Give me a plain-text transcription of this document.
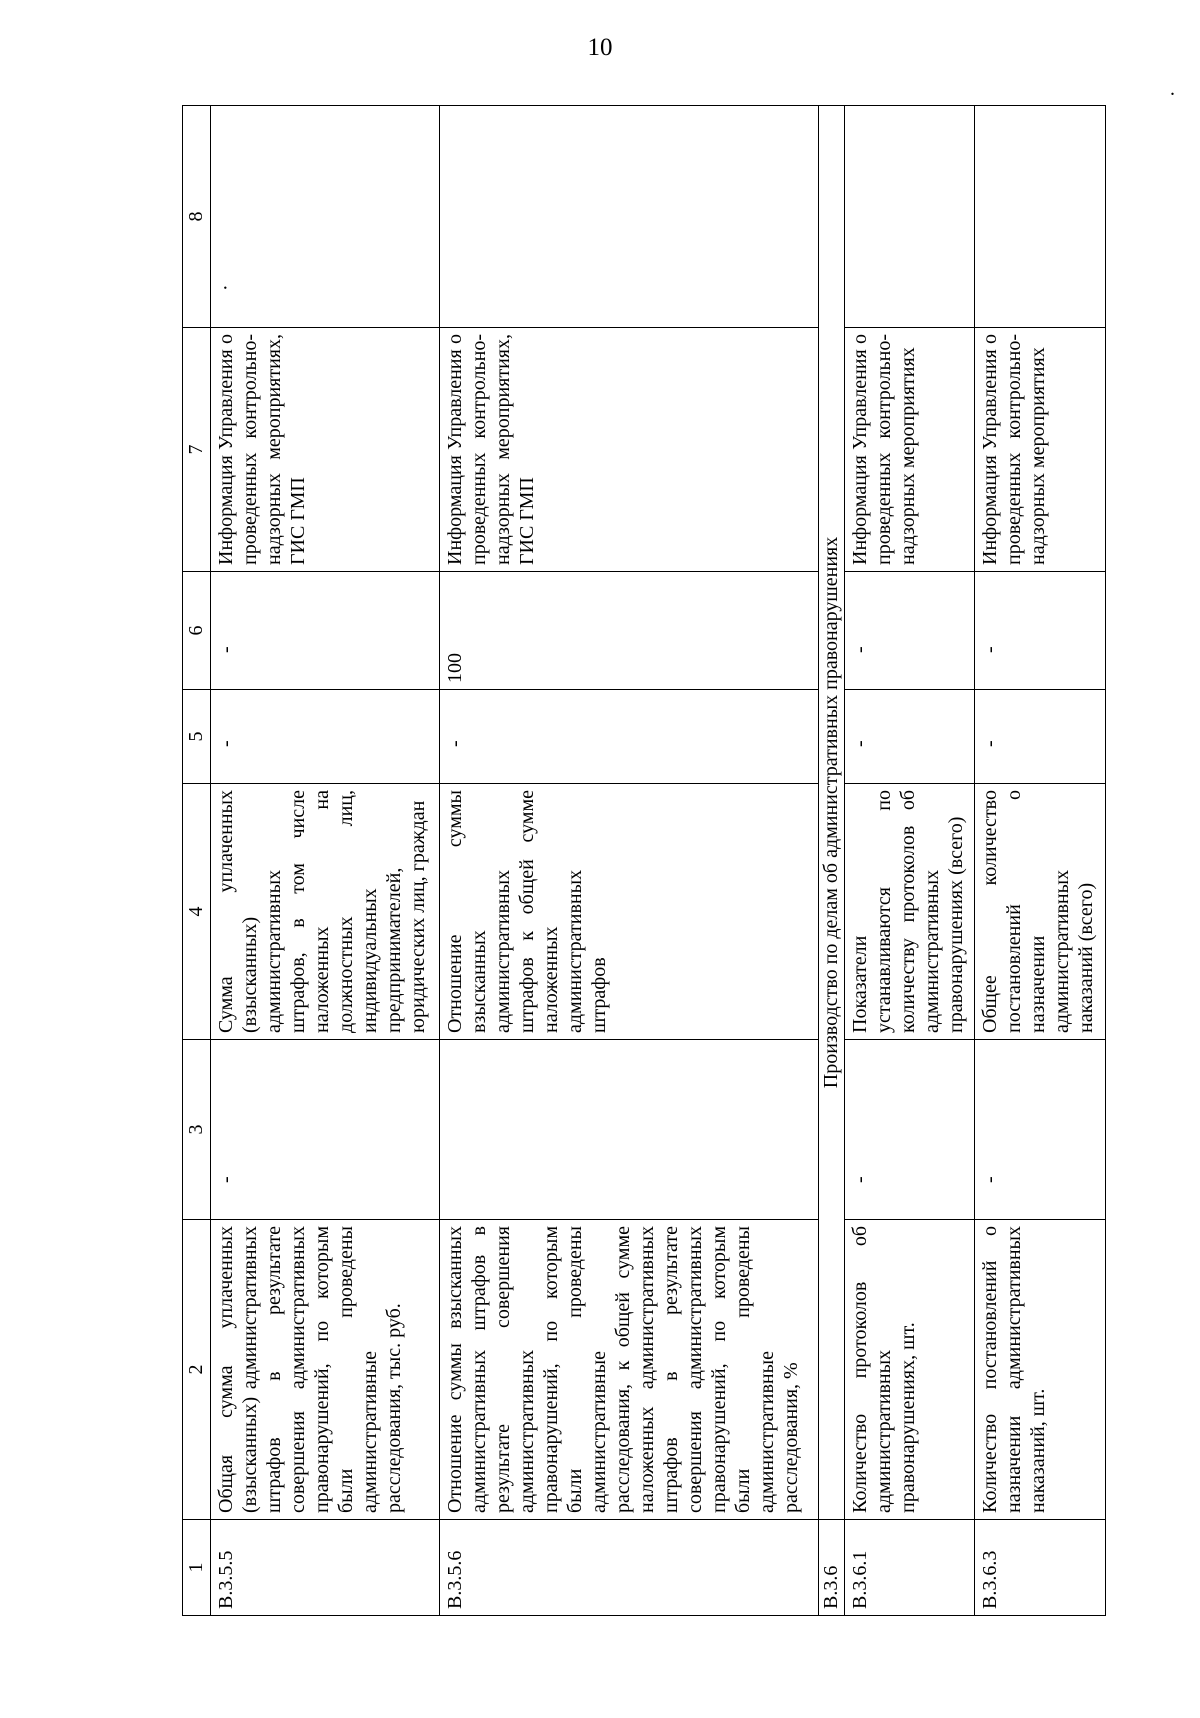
10
.
1	2	3	4	5	6	7	8
В.3.5.5	Общая сумма уплаченных (взысканных) административных штрафов в результате совершения административных правонарушений, по которым были проведены административные расследования, тыс. руб.	-	Сумма уплаченных (взысканных) административных штрафов, в том числе наложенных на должностных лиц, индивидуальных предпринимателей, юридических лиц, граждан	-	-	Информация Управления о проведенных контрольно-надзорных мероприятиях, ГИС ГМП	·
В.3.5.6	Отношение суммы взысканных административных штрафов в результате совершения административных правонарушений, по которым были проведены административные расследования, к общей сумме наложенных административных штрафов в результате совершения административных правонарушений, по которым были проведены административные расследования, %		Отношение суммы взысканных административных штрафов к общей сумме наложенных административных штрафов	-	100	Информация Управления о проведенных контрольно-надзорных мероприятиях, ГИС ГМП	
В.3.6	Производство по делам об административных правонарушениях						
В.3.6.1	Количество протоколов об административных правонарушениях, шт.	-	Показатели устанавливаются по количеству протоколов об административных правонарушениях (всего)	-	-	Информация Управления о проведенных контрольно-надзорных мероприятиях	
В.3.6.3	Количество постановлений о назначении административных наказаний, шт.	-	Общее количество постановлений о назначении административных наказаний (всего)	-	-	Информация Управления о проведенных контрольно-надзорных мероприятиях	
